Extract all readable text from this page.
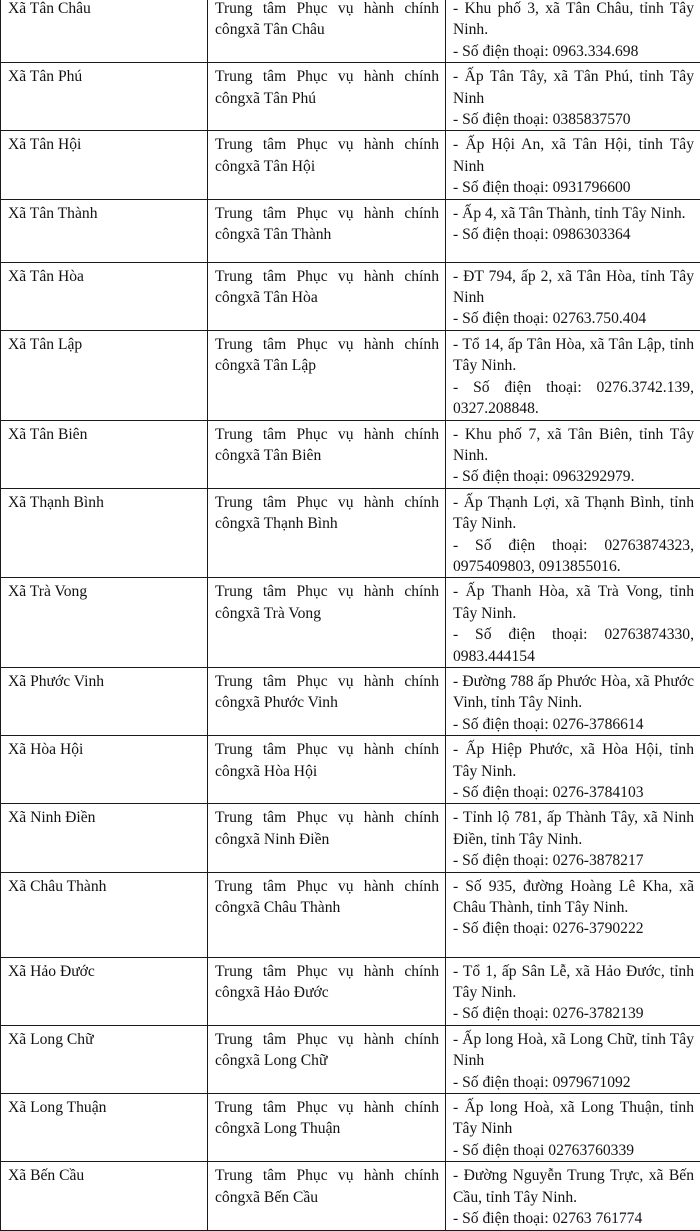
Xã Tân Châu	Trung tâm Phục vụ hành chính côngxã Tân Châu	- Khu phố 3, xã Tân Châu, tỉnh Tây Ninh.
- Số điện thoại: 0963.334.698

Xã Tân Phú	Trung tâm Phục vụ hành chính côngxã Tân Phú	- Ấp Tân Tây, xã Tân Phú, tỉnh Tây Ninh
- Số điện thoại: 0385837570

Xã Tân Hội	Trung tâm Phục vụ hành chính côngxã Tân Hội	- Ấp Hội An, xã Tân Hội, tỉnh Tây Ninh
- Số điện thoại: 0931796600

Xã Tân Thành	Trung tâm Phục vụ hành chính côngxã Tân Thành	- Ấp 4, xã Tân Thành, tỉnh Tây Ninh.
- Số điện thoại: 0986303364

Xã Tân Hòa	Trung tâm Phục vụ hành chính côngxã Tân Hòa	- ĐT 794, ấp 2, xã Tân Hòa, tỉnh Tây Ninh
- Số điện thoại: 02763.750.404

Xã Tân Lập	Trung tâm Phục vụ hành chính côngxã Tân Lập	- Tổ 14, ấp Tân Hòa, xã Tân Lập, tỉnh Tây Ninh.
- Số điện thoại: 0276.3742.139, 0327.208848.

Xã Tân Biên	Trung tâm Phục vụ hành chính côngxã Tân Biên	- Khu phố 7, xã Tân Biên, tỉnh Tây Ninh.
- Số điện thoại: 0963292979.

Xã Thạnh Bình	Trung tâm Phục vụ hành chính côngxã Thạnh Bình	- Ấp Thạnh Lợi, xã Thạnh Bình, tỉnh Tây Ninh.
- Số điện thoại: 02763874323, 0975409803, 0913855016.

Xã Trà Vong	Trung tâm Phục vụ hành chính côngxã Trà Vong	- Ấp Thanh Hòa, xã Trà Vong, tỉnh Tây Ninh.
- Số điện thoại: 02763874330, 0983.444154

Xã Phước Vinh	Trung tâm Phục vụ hành chính côngxã Phước Vinh	- Đường 788 ấp Phước Hòa, xã Phước Vinh, tỉnh Tây Ninh.
- Số điện thoại: 0276-3786614

Xã Hòa Hội	Trung tâm Phục vụ hành chính côngxã Hòa Hội	- Ấp Hiệp Phước, xã Hòa Hội, tỉnh Tây Ninh.
- Số điện thoại: 0276-3784103

Xã Ninh Điền	Trung tâm Phục vụ hành chính côngxã Ninh Điền	- Tỉnh lộ 781, ấp Thành Tây, xã Ninh Điền, tỉnh Tây Ninh.
- Số điện thoại: 0276-3878217

Xã Châu Thành	Trung tâm Phục vụ hành chính côngxã Châu Thành	- Số 935, đường Hoàng Lê Kha, xã Châu Thành, tỉnh Tây Ninh.
- Số điện thoại: 0276-3790222

Xã Hảo Đước	Trung tâm Phục vụ hành chính côngxã Hảo Đước	- Tổ 1, ấp Sân Lễ, xã Hảo Đước, tỉnh Tây Ninh.
- Số điện thoại: 0276-3782139

Xã Long Chữ	Trung tâm Phục vụ hành chính côngxã Long Chữ	- Ấp long Hoà, xã Long Chữ, tỉnh Tây Ninh
- Số điện thoại: 0979671092

Xã Long Thuận	Trung tâm Phục vụ hành chính côngxã Long Thuận	- Ấp long Hoà, xã Long Thuận, tỉnh Tây Ninh
- Số điện thoại 02763760339

Xã Bến Cầu	Trung tâm Phục vụ hành chính côngxã Bến Cầu	- Đường Nguyễn Trung Trực, xã Bến Cầu, tỉnh Tây Ninh.
- Số điện thoại: 02763 761774
